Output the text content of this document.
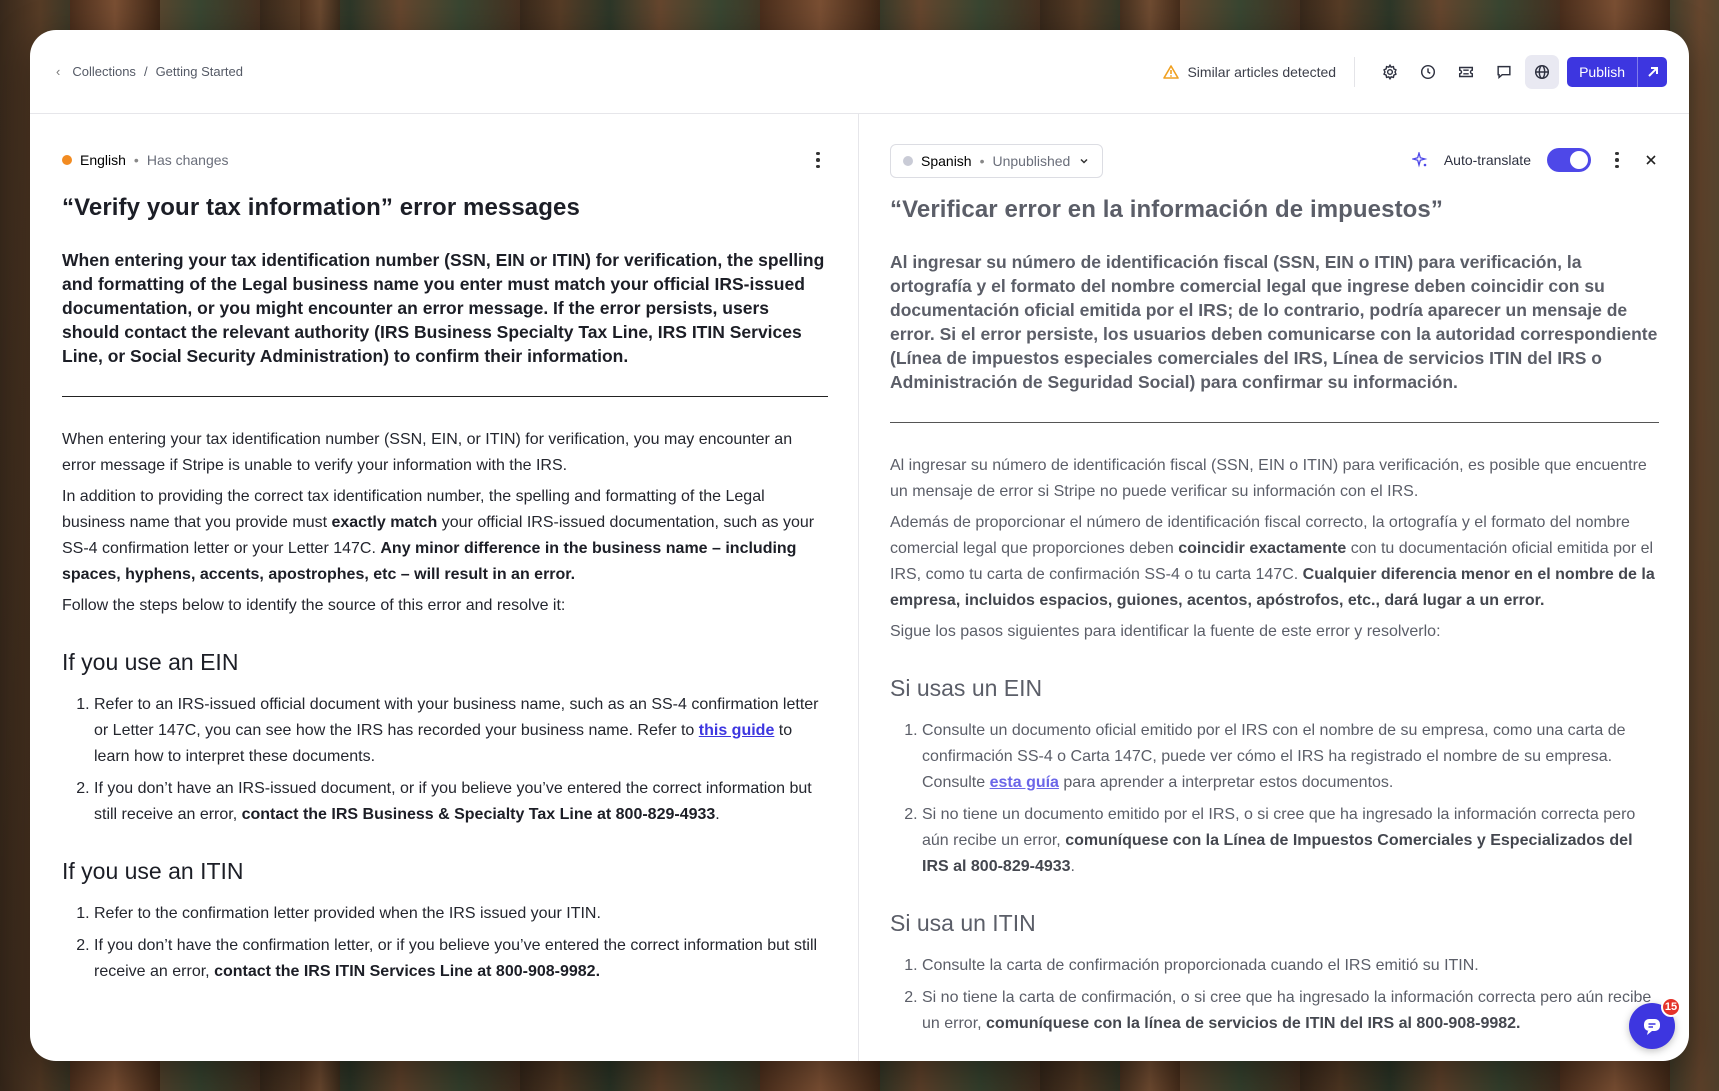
‹ Collections / Getting Started	Similar articles detected	Publish
English • Has changes
“Verify your tax information” error messages
When entering your tax identification number (SSN, EIN or ITIN) for verification, the spelling and formatting of the Legal business name you enter must match your official IRS-issued documentation, or you might encounter an error message. If the error persists, users should contact the relevant authority (IRS Business Specialty Tax Line, IRS ITIN Services Line, or Social Security Administration) to confirm their information.

When entering your tax identification number (SSN, EIN, or ITIN) for verification, you may encounter an error message if Stripe is unable to verify your information with the IRS.

In addition to providing the correct tax identification number, the spelling and formatting of the Legal business name that you provide must exactly match your official IRS-issued documentation, such as your SS-4 confirmation letter or your Letter 147C. Any minor difference in the business name – including spaces, hyphens, accents, apostrophes, etc – will result in an error.

Follow the steps below to identify the source of this error and resolve it:

If you use an EIN
1. Refer to an IRS-issued official document with your business name, such as an SS-4 confirmation letter or Letter 147C, you can see how the IRS has recorded your business name. Refer to this guide to learn how to interpret these documents.
2. If you don’t have an IRS-issued document, or if you believe you’ve entered the correct information but still receive an error, contact the IRS Business & Specialty Tax Line at 800-829-4933.
If you use an ITIN
1. Refer to the confirmation letter provided when the IRS issued your ITIN.
2. If you don’t have the confirmation letter, or if you believe you’ve entered the correct information but still receive an error, contact the IRS ITIN Services Line at 800-908-9982.
Spanish • Unpublished	Auto-translate
“Verificar error en la información de impuestos”
Al ingresar su número de identificación fiscal (SSN, EIN o ITIN) para verificación, la ortografía y el formato del nombre comercial legal que ingrese deben coincidir con su documentación oficial emitida por el IRS; de lo contrario, podría aparecer un mensaje de error. Si el error persiste, los usuarios deben comunicarse con la autoridad correspondiente (Línea de impuestos especiales comerciales del IRS, Línea de servicios ITIN del IRS o Administración de Seguridad Social) para confirmar su información.

Al ingresar su número de identificación fiscal (SSN, EIN o ITIN) para verificación, es posible que encuentre un mensaje de error si Stripe no puede verificar su información con el IRS.

Además de proporcionar el número de identificación fiscal correcto, la ortografía y el formato del nombre comercial legal que proporciones deben coincidir exactamente con tu documentación oficial emitida por el IRS, como tu carta de confirmación SS-4 o tu carta 147C. Cualquier diferencia menor en el nombre de la empresa, incluidos espacios, guiones, acentos, apóstrofos, etc., dará lugar a un error.

Sigue los pasos siguientes para identificar la fuente de este error y resolverlo:

Si usas un EIN
1. Consulte un documento oficial emitido por el IRS con el nombre de su empresa, como una carta de confirmación SS-4 o Carta 147C, puede ver cómo el IRS ha registrado el nombre de su empresa. Consulte esta guía para aprender a interpretar estos documentos.
2. Si no tiene un documento emitido por el IRS, o si cree que ha ingresado la información correcta pero aún recibe un error, comuníquese con la Línea de Impuestos Comerciales y Especializados del IRS al 800-829-4933.
Si usa un ITIN
1. Consulte la carta de confirmación proporcionada cuando el IRS emitió su ITIN.
2. Si no tiene la carta de confirmación, o si cree que ha ingresado la información correcta pero aún recibe un error, comuníquese con la línea de servicios de ITIN del IRS al 800-908-9982.
15
